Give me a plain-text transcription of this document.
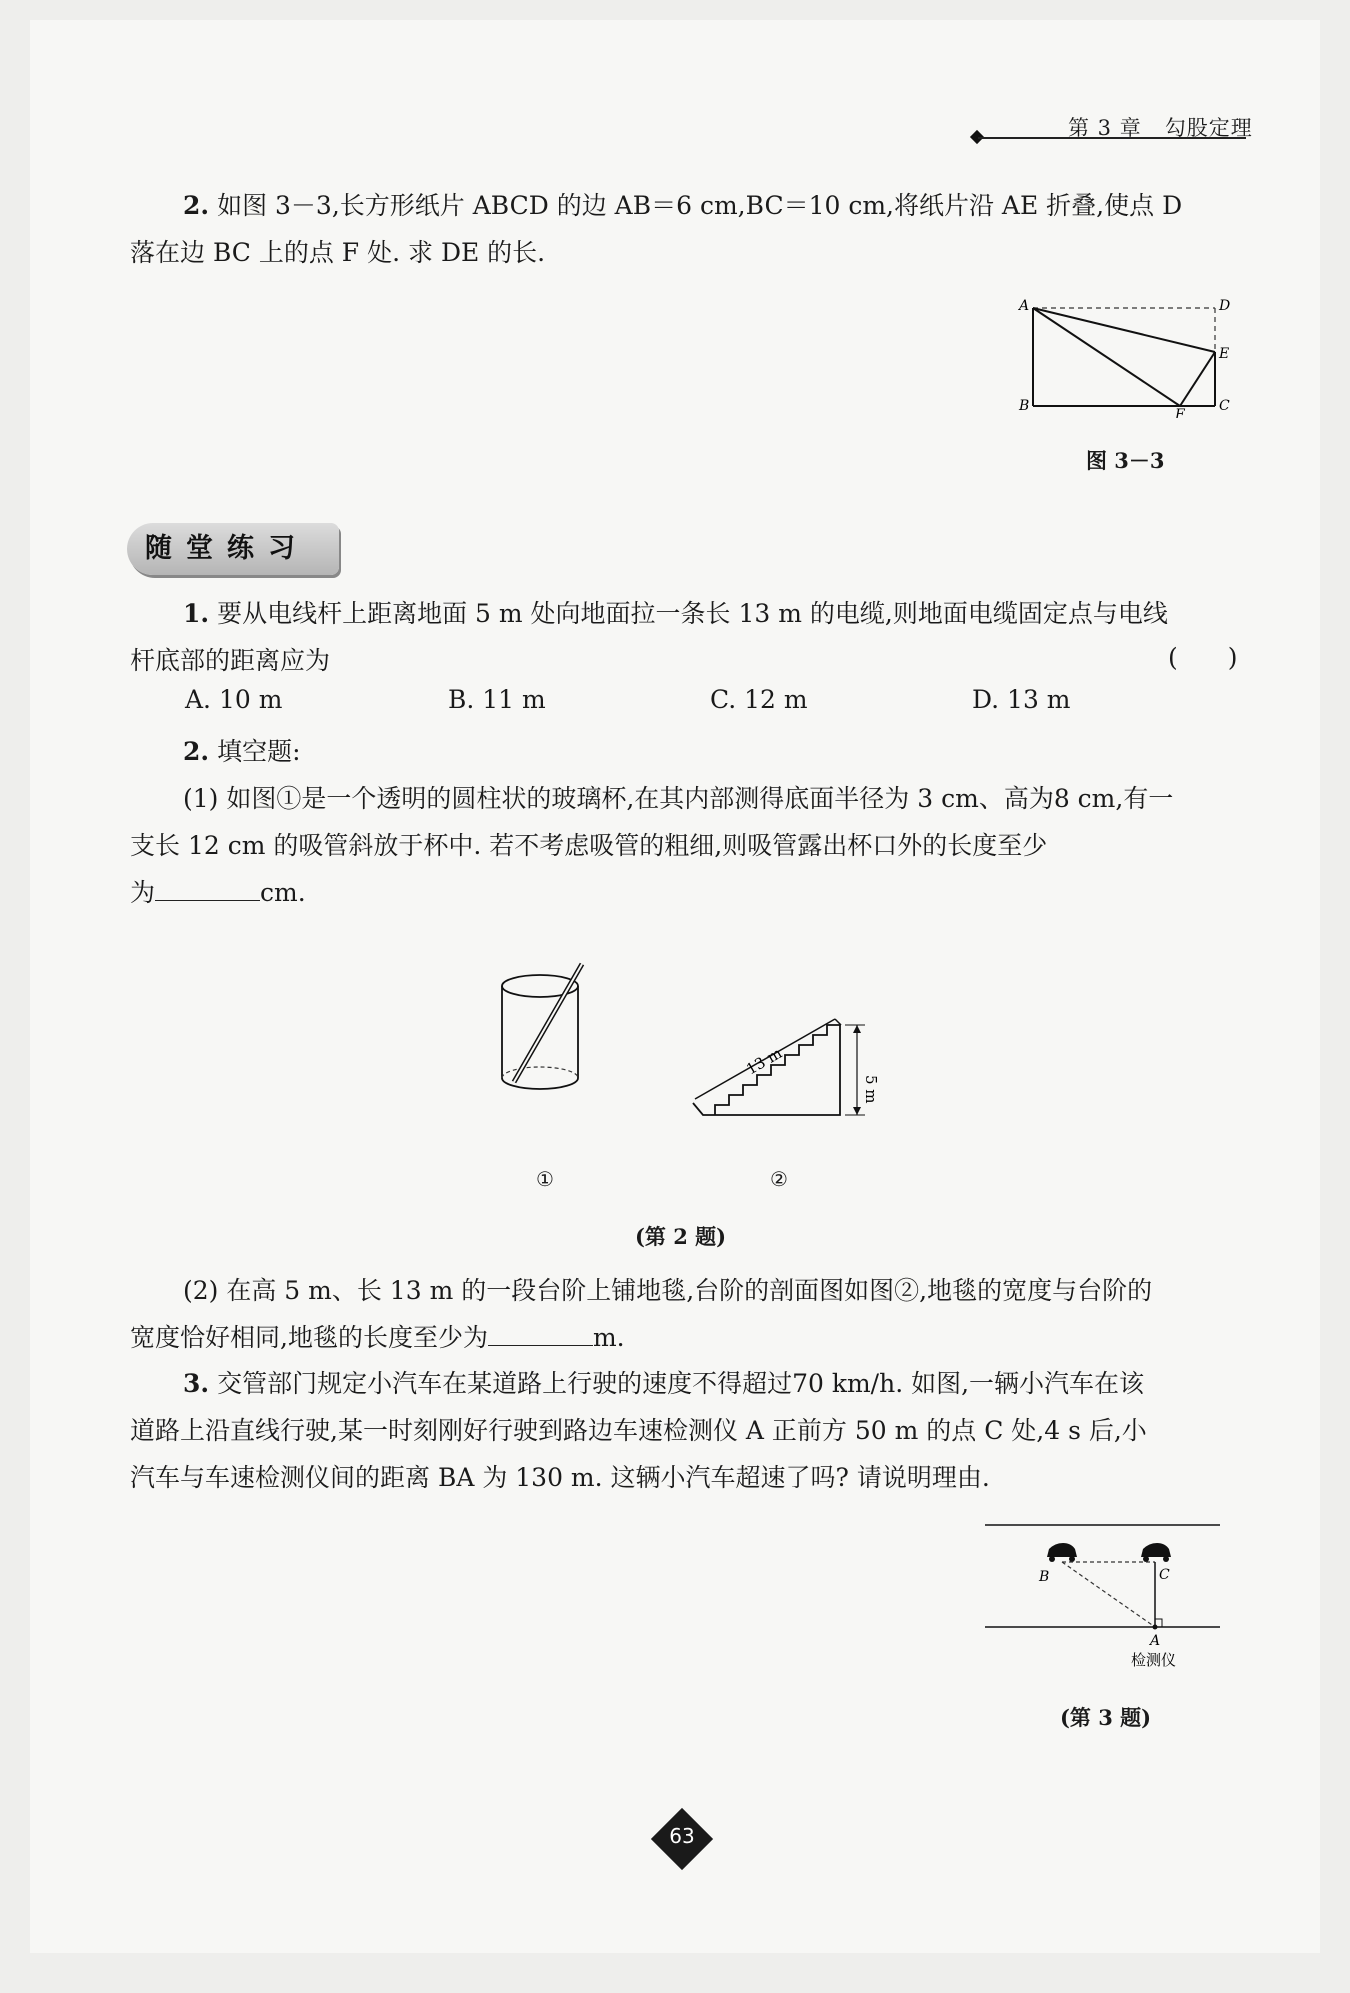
第 3 章 勾股定理

2. 如图 3－3,长方形纸片 ABCD 的边 AB＝6 cm,BC＝10 cm,将纸片沿 AE 折叠,使点 D

落在边 BC 上的点 F 处. 求 DE 的长.

A	D
E
C
B
F
图 3－3
随堂练习

1. 要从电线杆上距离地面 5 m 处向地面拉一条长 13 m 的电缆,则地面电缆固定点与电线

杆底部的距离应为	(　　)
A. 10 m	B. 11 m	C. 12 m	D. 13 m

2. 填空题:

(1) 如图①是一个透明的圆柱状的玻璃杯,在其内部测得底面半径为 3 cm、高为8 cm,有一

支长 12 cm 的吸管斜放于杯中. 若不考虑吸管的粗细,则吸管露出杯口外的长度至少

为	cm.

①
13 m
5 m
②
(第 2 题)

(2) 在高 5 m、长 13 m 的一段台阶上铺地毯,台阶的剖面图如图②,地毯的宽度与台阶的

宽度恰好相同,地毯的长度至少为	m.

3. 交管部门规定小汽车在某道路上行驶的速度不得超过70 km/h. 如图,一辆小汽车在该

道路上沿直线行驶,某一时刻刚好行驶到路边车速检测仪 A 正前方 50 m 的点 C 处,4 s 后,小

汽车与车速检测仪间的距离 BA 为 130 m. 这辆小汽车超速了吗? 请说明理由.

B	C
A
检测仪
(第 3 题)
63
